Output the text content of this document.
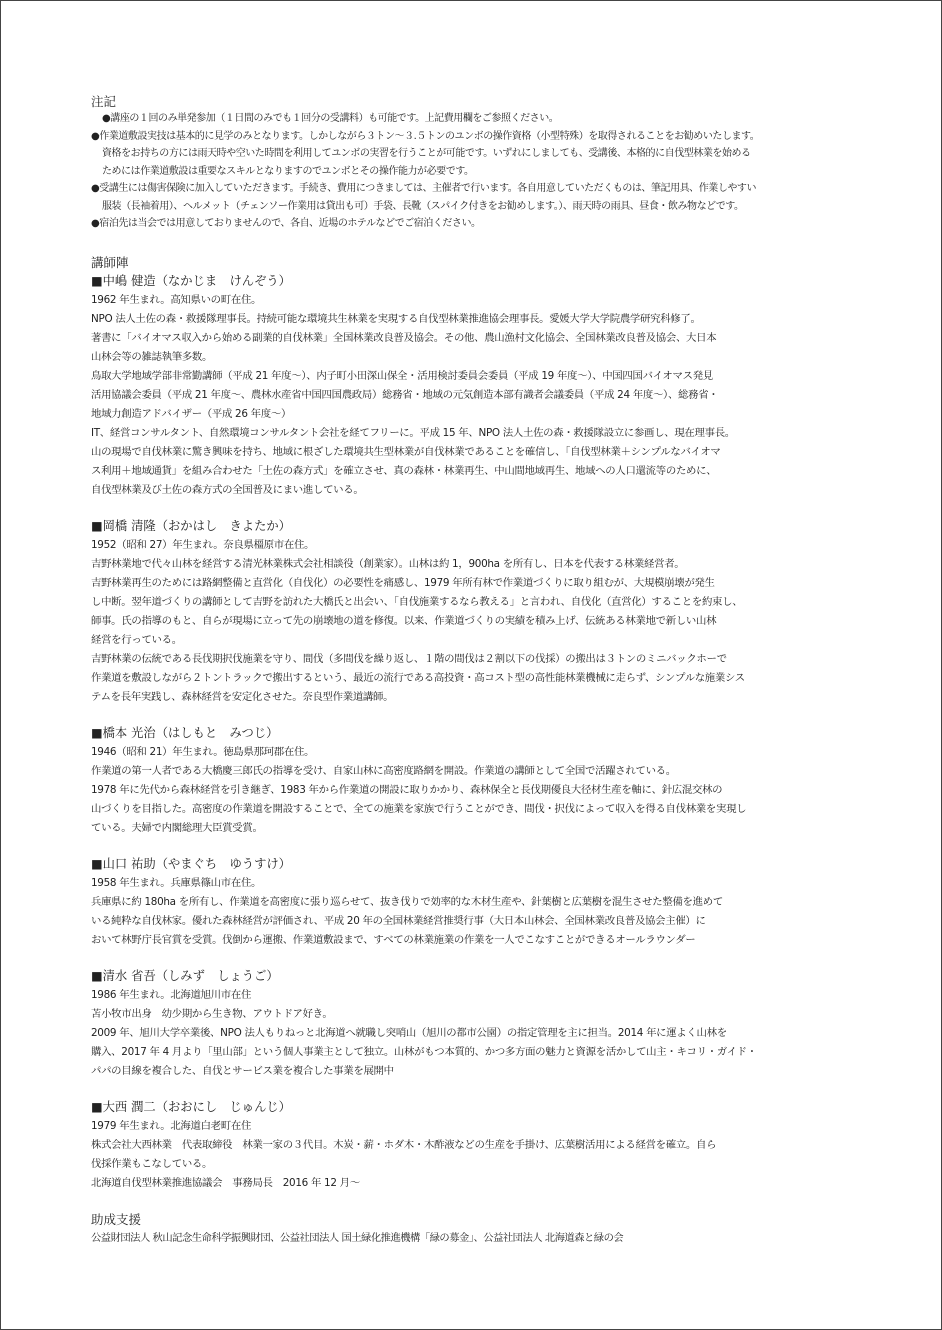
注記

●講座の１回のみ単発参加（１日間のみでも１回分の受講料）も可能です。上記費用欄をご参照ください。

●作業道敷設実技は基本的に見学のみとなります。しかしながら３トン〜３.５トンのユンボの操作資格（小型特殊）を取得されることをお勧めいたします。
資格をお持ちの方には雨天時や空いた時間を利用してユンボの実習を行うことが可能です。いずれにしましても、受講後、本格的に自伐型林業を始める
ためには作業道敷設は重要なスキルとなりますのでユンボとその操作能力が必要です。

●受講生には傷害保険に加入していただきます。手続き、費用につきましては、主催者で行います。各自用意していただくものは、筆記用具、作業しやすい
服装（長袖着用）、ヘルメット（チェンソー作業用は貸出も可）手袋、長靴（スパイク付きをお勧めします。）、雨天時の雨具、昼食・飲み物などです。

●宿泊先は当会では用意しておりませんので、各自、近場のホテルなどでご宿泊ください。

講師陣

■中嶋 健造（なかじま　けんぞう）

1962 年生まれ。高知県いの町在住。
NPO 法人土佐の森・救援隊理事長。持続可能な環境共生林業を実現する自伐型林業推進協会理事長。愛媛大学大学院農学研究科修了。
著書に「バイオマス収入から始める副業的自伐林業」全国林業改良普及協会。その他、農山漁村文化協会、全国林業改良普及協会、大日本
山林会等の雑誌執筆多数。
鳥取大学地域学部非常勤講師（平成 21 年度〜）、内子町小田深山保全・活用検討委員会委員（平成 19 年度〜）、中国四国バイオマス発見
活用協議会委員（平成 21 年度〜、農林水産省中国四国農政局）総務省・地域の元気創造本部有識者会議委員（平成 24 年度〜）、総務省・
地域力創造アドバイザー（平成 26 年度〜）
IT、経営コンサルタント、自然環境コンサルタント会社を経てフリーに。平成 15 年、NPO 法人土佐の森・救援隊設立に参画し、現在理事長。
山の現場で自伐林業に驚き興味を持ち、地域に根ざした環境共生型林業が自伐林業であることを確信し、「自伐型林業＋シンプルなバイオマ
ス利用＋地域通貨」を組み合わせた「土佐の森方式」を確立させ、真の森林・林業再生、中山間地域再生、地域への人口還流等のために、
自伐型林業及び土佐の森方式の全国普及にまい進している。

■岡橋 清隆（おかはし　きよたか）

1952（昭和 27）年生まれ。奈良県橿原市在住。
吉野林業地で代々山林を経営する清光林業株式会社相談役（創業家）。山林は約 1，900ha を所有し、日本を代表する林業経営者。
吉野林業再生のためには路網整備と直営化（自伐化）の必要性を痛感し、1979 年所有林で作業道づくりに取り組むが、大規模崩壊が発生
し中断。翌年道づくりの講師として吉野を訪れた大橋氏と出会い、「自伐施業するなら教える」と言われ、自伐化（直営化）することを約束し、
師事。氏の指導のもと、自らが現場に立って先の崩壊地の道を修復。以来、作業道づくりの実績を積み上げ、伝統ある林業地で新しい山林
経営を行っている。
吉野林業の伝統である長伐期択伐施業を守り、間伐（多間伐を繰り返し、１階の間伐は２割以下の伐採）の搬出は３トンのミニバックホーで
作業道を敷設しながら２トントラックで搬出するという、最近の流行である高投資・高コスト型の高性能林業機械に走らず、シンプルな施業シス
テムを長年実践し、森林経営を安定化させた。奈良型作業道講師。

■橋本 光治（はしもと　みつじ）

1946（昭和 21）年生まれ。徳島県那珂郡在住。
作業道の第一人者である大橋慶三郎氏の指導を受け、自家山林に高密度路網を開設。作業道の講師として全国で活躍されている。
1978 年に先代から森林経営を引き継ぎ、1983 年から作業道の開設に取りかかり、森林保全と長伐期優良大径材生産を軸に、針広混交林の
山づくりを目指した。高密度の作業道を開設することで、全ての施業を家族で行うことができ、間伐・択伐によって収入を得る自伐林業を実現し
ている。夫婦で内閣総理大臣賞受賞。

■山口 祐助（やまぐち　ゆうすけ）

1958 年生まれ。兵庫県篠山市在住。
兵庫県に約 180ha を所有し、作業道を高密度に張り巡らせて、抜き伐りで効率的な木材生産や、針葉樹と広葉樹を混生させた整備を進めて
いる純粋な自伐林家。優れた森林経営が評価され、平成 20 年の全国林業経営推奨行事（大日本山林会、全国林業改良普及協会主催）に
おいて林野庁長官賞を受賞。伐倒から運搬、作業道敷設まで、すべての林業施業の作業を一人でこなすことができるオールラウンダー

■清水 省吾（しみず　しょうご）

1986 年生まれ。北海道旭川市在住
苫小牧市出身　幼少期から生き物、アウトドア好き。
2009 年、旭川大学卒業後、NPO 法人もりねっと北海道へ就職し突哨山（旭川の都市公園）の指定管理を主に担当。2014 年に運よく山林を
購入、2017 年 4 月より「里山部」という個人事業主として独立。山林がもつ本質的、かつ多方面の魅力と資源を活かして山主・キコリ・ガイド・
パパの目線を複合した、自伐とサービス業を複合した事業を展開中

■大西 潤二（おおにし　じゅんじ）

1979 年生まれ。北海道白老町在住
株式会社大西林業　代表取締役　林業一家の３代目。木炭・薪・ホダ木・木酢液などの生産を手掛け、広葉樹活用による経営を確立。自ら
伐採作業もこなしている。
北海道自伐型林業推進協議会　事務局長　2016 年 12 月〜

助成支援

公益財団法人 秋山記念生命科学振興財団、公益社団法人 国土緑化推進機構「緑の募金」、公益社団法人 北海道森と緑の会
